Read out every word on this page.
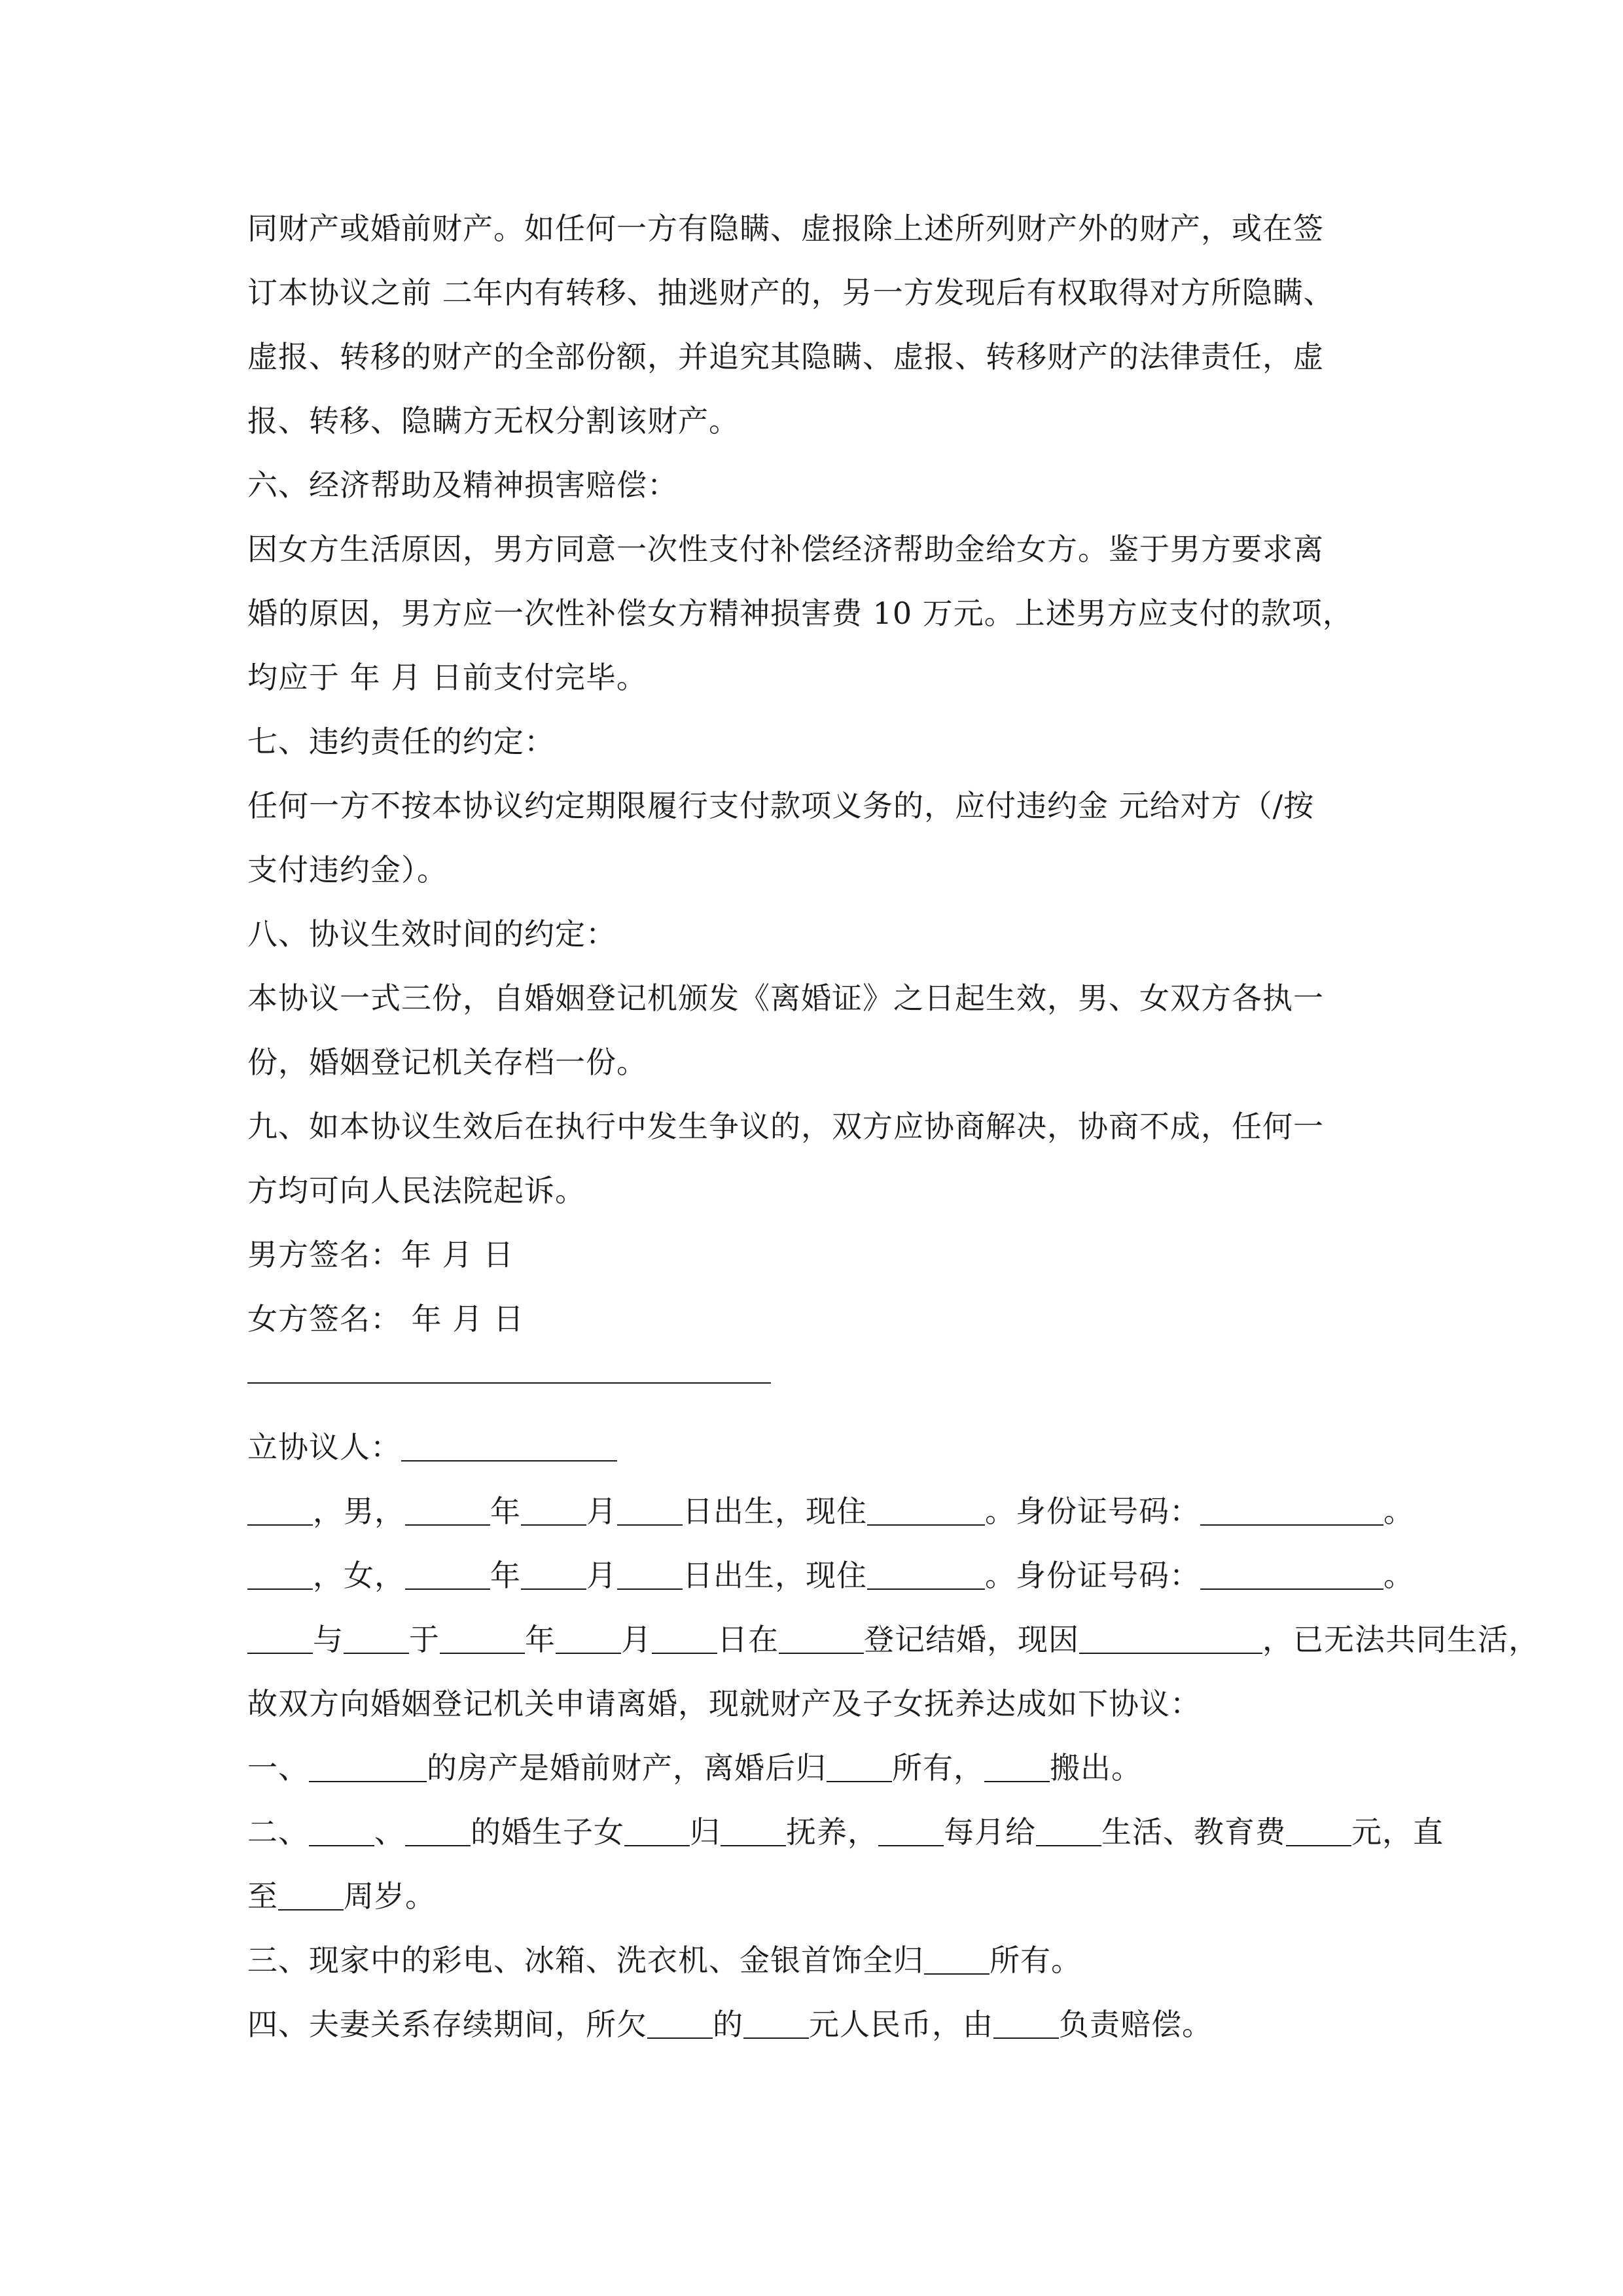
同财产或婚前财产。如任何一方有隐瞒、虚报除上述所列财产外的财产，或在签
订本协议之前 二年内有转移、抽逃财产的，另一方发现后有权取得对方所隐瞒、
虚报、转移的财产的全部份额，并追究其隐瞒、虚报、转移财产的法律责任，虚
报、转移、隐瞒方无权分割该财产。
六、经济帮助及精神损害赔偿：
因女方生活原因，男方同意一次性支付补偿经济帮助金给女方。鉴于男方要求离
婚的原因，男方应一次性补偿女方精神损害费 10 万元。上述男方应支付的款项，
均应于 年 月 日前支付完毕。
七、违约责任的约定：
任何一方不按本协议约定期限履行支付款项义务的，应付违约金 元给对方（/按
支付违约金）。
八、协议生效时间的约定：
本协议一式三份，自婚姻登记机颁发《离婚证》之日起生效，男、女双方各执一
份，婚姻登记机关存档一份。
九、如本协议生效后在执行中发生争议的，双方应协商解决，协商不成，任何一
方均可向人民法院起诉。
男方签名：年 月 日
女方签名： 年 月 日
立协议人：
，男，	年 月 日出生，现住	。身份证号码：	。
，女，	年 月 日出生，现住	。身份证号码：	。
与 于	年 月 日在	登记结婚，现因	，已无法共同生活，
故双方向婚姻登记机关申请离婚，现就财产及子女抚养达成如下协议：
一、	的房产是婚前财产，离婚后归 所有， 搬出。
二、 、 的婚生子女 归 抚养， 每月给 生活、教育费 元，直
至 周岁。
三、现家中的彩电、冰箱、洗衣机、金银首饰全归 所有。
四、夫妻关系存续期间，所欠 的 元人民币，由 负责赔偿。
